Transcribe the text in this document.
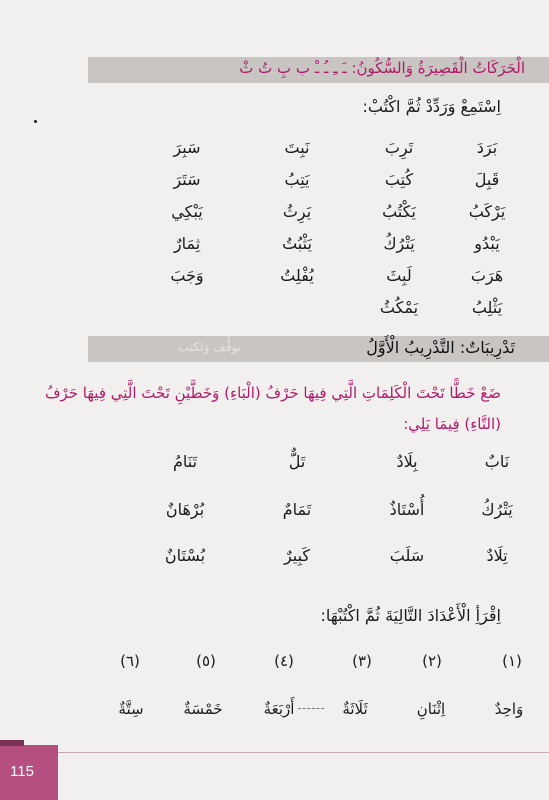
الْحَرَكَاتُ الْقَصِيرَةُ وَالسُّكُونُ: ـَ ـِ ـُ ـْ ب بِ تُ ثْ
اِسْتَمِعْ وَرَدِّدْ ثُمَّ اكْتُبْ:
بَرَدَ
تَرِبَ
نَبِتَ
سَبِرَ
قَبِلَ
كُتِبَ
يَتِبُ
سَتَرَ
يَرْكَبُ
يَكْتُبُ
يَرِثُ
يَبْكِي
يَبْدُو
يَتْرُكُ
يَثْبُتُ
ثِمَارٌ
هَرَبَ
لَبِثَ
يُفْلِتُ
وَجَبَ
يَثْلِبُ
يَمْكُثُ
توقُّف وَلكتب	تَدْرِيبَاتٌ: التَّدْرِيبُ الْأَوَّلُ
ضَعْ خَطًّا تَحْتَ الْكَلِمَاتِ الَّتِي فِيهَا حَرْفُ (الْبَاءِ) وَخَطَّيْنِ تَحْتَ الَّتِي فِيهَا حَرْفُ
(التَّاءِ) فِيمَا يَلِي:
نَابٌ
بِلَادٌ
تَلٌّ
تَنَامُ
يَتْرُكُ
أُسْتَاذٌ
تَمَامٌ
بُرْهَانٌ
تِلَادٌ
سَلَبَ
كَبِيرٌ
بُسْتَانٌ
اِقْرَأِ الْأَعْدَادَ التَّالِيَةَ ثُمَّ اكْتُبْهَا:
(١)
(٢)
(٣)
(٤)
(٥)
(٦)
وَاحِدٌ
اِثْنَانِ
ثَلَاثَةٌ
أَرْبَعَةٌ
خَمْسَةٌ
سِتَّةٌ
115
